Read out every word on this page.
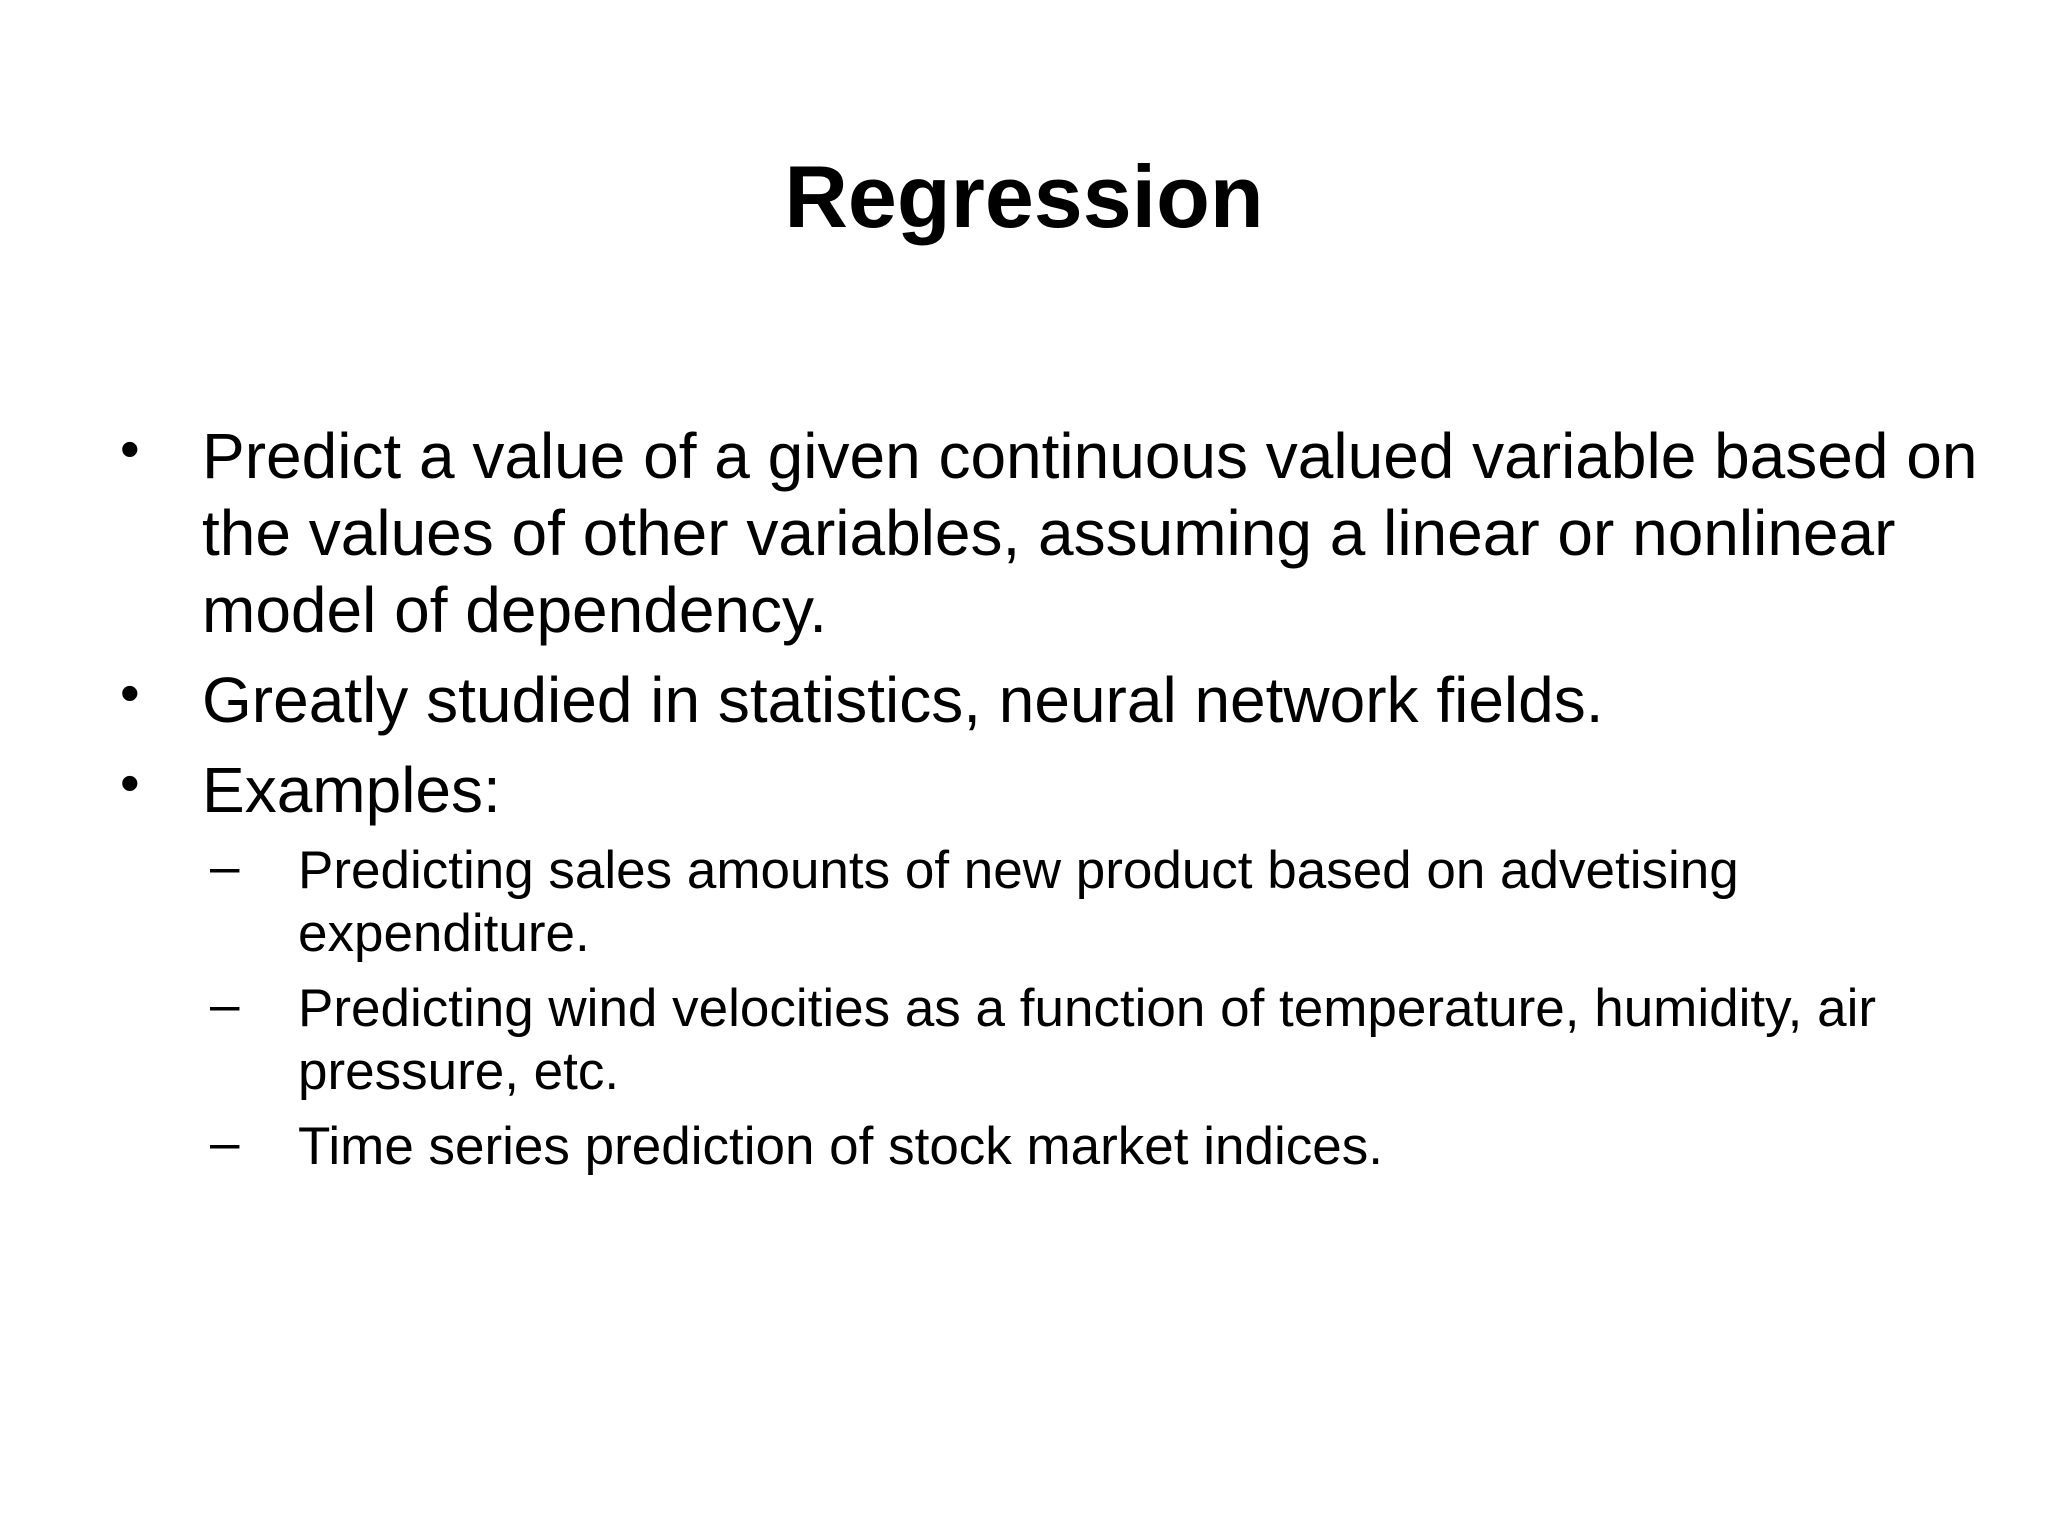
Regression
• Predict a value of a given continuous valued variable based on the values of other variables, assuming a linear or nonlinear model of dependency.
• Greatly studied in statistics, neural network fields.
• Examples:
– Predicting sales amounts of new product based on advetising expenditure.
– Predicting wind velocities as a function of temperature, humidity, air pressure, etc.
– Time series prediction of stock market indices.
